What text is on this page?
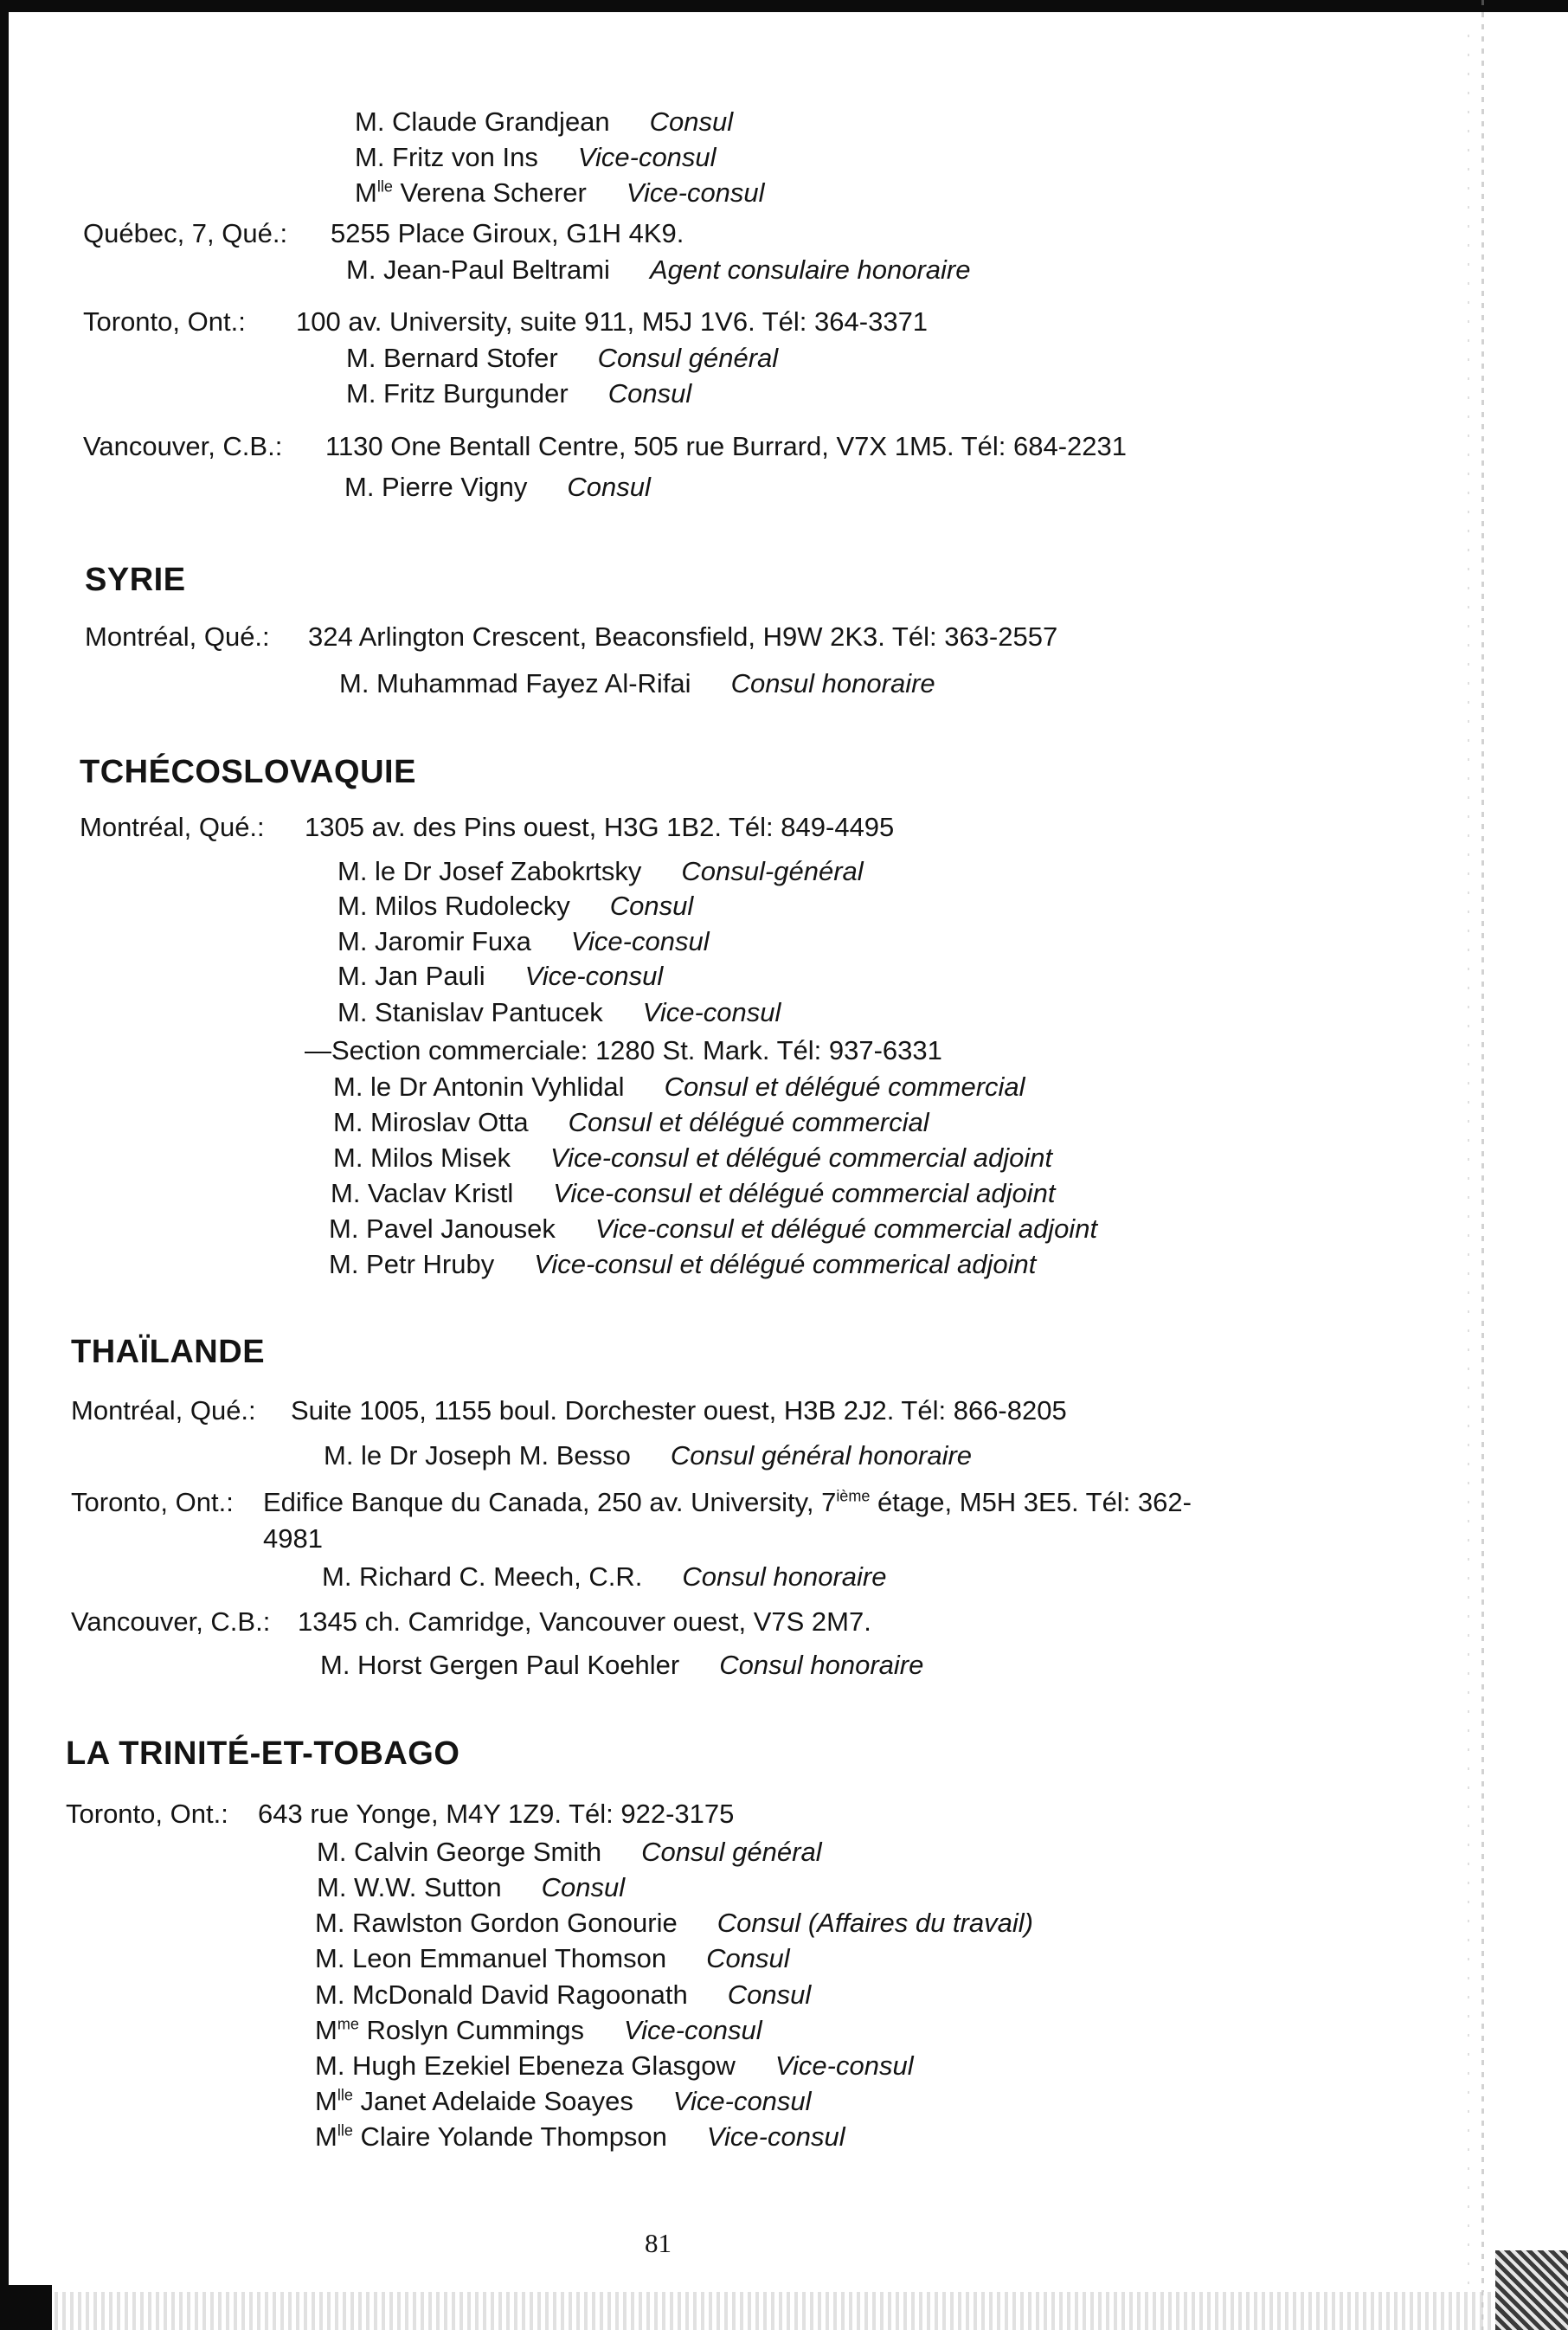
M. Claude Grandjean Consul
M. Fritz von Ins Vice-consul
$M^{lle}$ Verena Scherer Vice-consul
Québec, 7, Qué.: 5255 Place Giroux, G1H 4K9.
M. Jean-Paul Beltrami Agent consulaire honoraire
Toronto, Ont.: 100 av. University, suite 911, M5J 1V6. Tél: 364-3371
M. Bernard Stofer Consul général
M. Fritz Burgunder Consul
Vancouver, C.B.: 1130 One Bentall Centre, 505 rue Burrard, V7X 1M5. Tél: 684-2231
M. Pierre Vigny Consul
SYRIE
Montréal, Qué.: 324 Arlington Crescent, Beaconsfield, H9W 2K3. Tél: 363-2557
M. Muhammad Fayez Al-Rifai Consul honoraire
TCHÉCOSLOVAQUIE
Montréal, Qué.: 1305 av. des Pins ouest, H3G 1B2. Tél: 849-4495
M. le Dr Josef Zabokrtsky Consul-général
M. Milos Rudolecky Consul
M. Jaromir Fuxa Vice-consul
M. Jan Pauli Vice-consul
M. Stanislav Pantucek Vice-consul
—Section commerciale: 1280 St. Mark. Tél: 937-6331
M. le Dr Antonin Vyhlidal Consul et délégué commercial
M. Miroslav Otta Consul et délégué commercial
M. Milos Misek Vice-consul et délégué commercial adjoint
M. Vaclav Kristl Vice-consul et délégué commercial adjoint
M. Pavel Janousek Vice-consul et délégué commercial adjoint
M. Petr Hruby Vice-consul et délégué commerical adjoint
THAÏLANDE
Montréal, Qué.: Suite 1005, 1155 boul. Dorchester ouest, H3B 2J2. Tél: 866-8205
M. le Dr Joseph M. Besso Consul général honoraire
Toronto, Ont.: Edifice Banque du Canada, 250 av. University, 7ième étage, M5H 3E5. Tél: 362-
4981
M. Richard C. Meech, C.R. Consul honoraire
Vancouver, C.B.: 1345 ch. Camridge, Vancouver ouest, V7S 2M7.
M. Horst Gergen Paul Koehler Consul honoraire
LA TRINITÉ-ET-TOBAGO
Toronto, Ont.: 643 rue Yonge, M4Y 1Z9. Tél: 922-3175
M. Calvin George Smith Consul général
M. W.W. Sutton Consul
M. Rawlston Gordon Gonourie Consul (Affaires du travail)
M. Leon Emmanuel Thomson Consul
M. McDonald David Ragoonath Consul
$M^{me}$ Roslyn Cummings Vice-consul
M. Hugh Ezekiel Ebeneza Glasgow Vice-consul
$M^{lle}$ Janet Adelaide Soayes Vice-consul
$M^{lle}$ Claire Yolande Thompson Vice-consul
81
